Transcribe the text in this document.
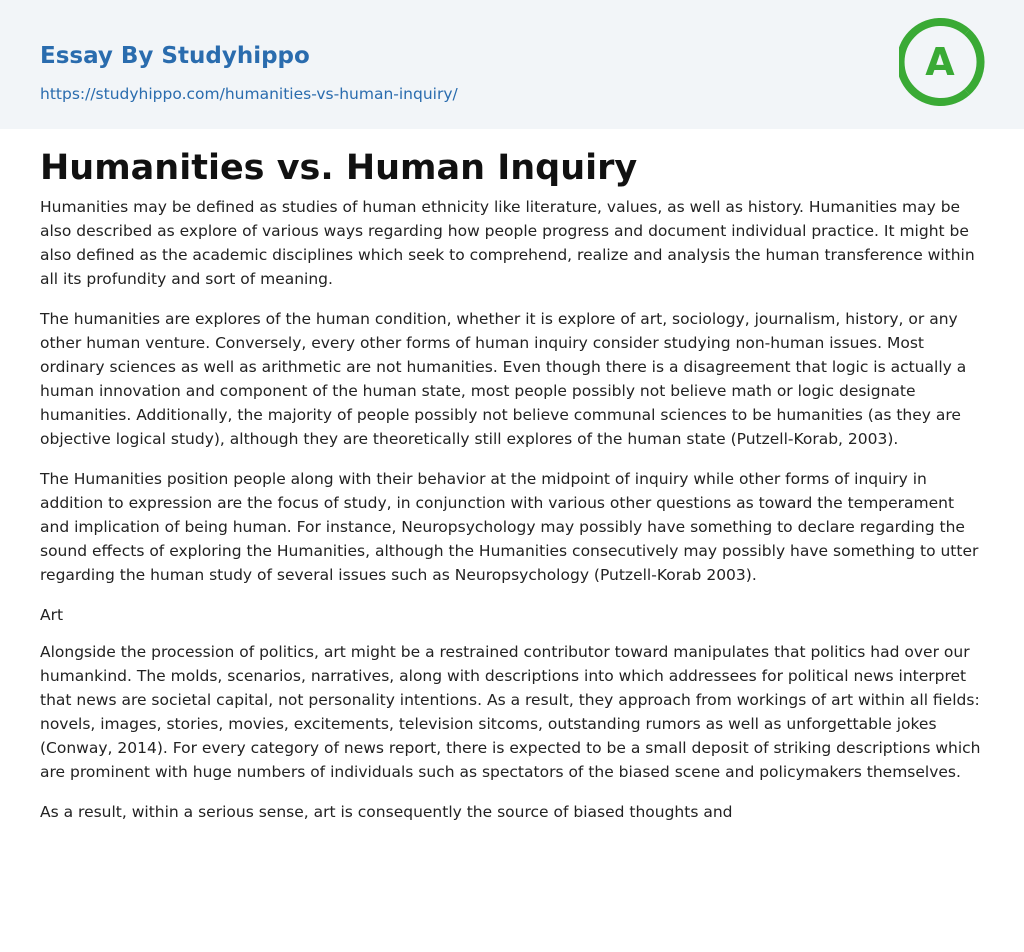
Essay By Studyhippo
https://studyhippo.com/humanities-vs-human-inquiry/
A
Humanities vs. Human Inquiry

Humanities may be defined as studies of human ethnicity like literature, values, as well as history. Humanities may be also described as explore of various ways regarding how people progress and document individual practice. It might be also defined as the academic disciplines which seek to comprehend, realize and analysis the human transference within all its profundity and sort of meaning.

The humanities are explores of the human condition, whether it is explore of art, sociology, journalism, history, or any other human venture. Conversely, every other forms of human inquiry consider studying non-human issues. Most ordinary sciences as well as arithmetic are not humanities. Even though there is a disagreement that logic is actually a human innovation and component of the human state, most people possibly not believe math or logic designate humanities. Additionally, the majority of people possibly not believe communal sciences to be humanities (as they are objective logical study), although they are theoretically still explores of the human state (Putzell-Korab, 2003).

The Humanities position people along with their behavior at the midpoint of inquiry while other forms of inquiry in addition to expression are the focus of study, in conjunction with various other questions as toward the temperament and implication of being human. For instance, Neuropsychology may possibly have something to declare regarding the sound effects of exploring the Humanities, although the Humanities consecutively may possibly have something to utter regarding the human study of several issues such as Neuropsychology (Putzell-Korab 2003).

Art

Alongside the procession of politics, art might be a restrained contributor toward manipulates that politics had over our humankind. The molds, scenarios, narratives, along with descriptions into which addressees for political news interpret that news are societal capital, not personality intentions. As a result, they approach from workings of art within all fields: novels, images, stories, movies, excitements, television sitcoms, outstanding rumors as well as unforgettable jokes (Conway, 2014). For every category of news report, there is expected to be a small deposit of striking descriptions which are prominent with huge numbers of individuals such as spectators of the biased scene and policymakers themselves.

As a result, within a serious sense, art is consequently the source of biased thoughts and
